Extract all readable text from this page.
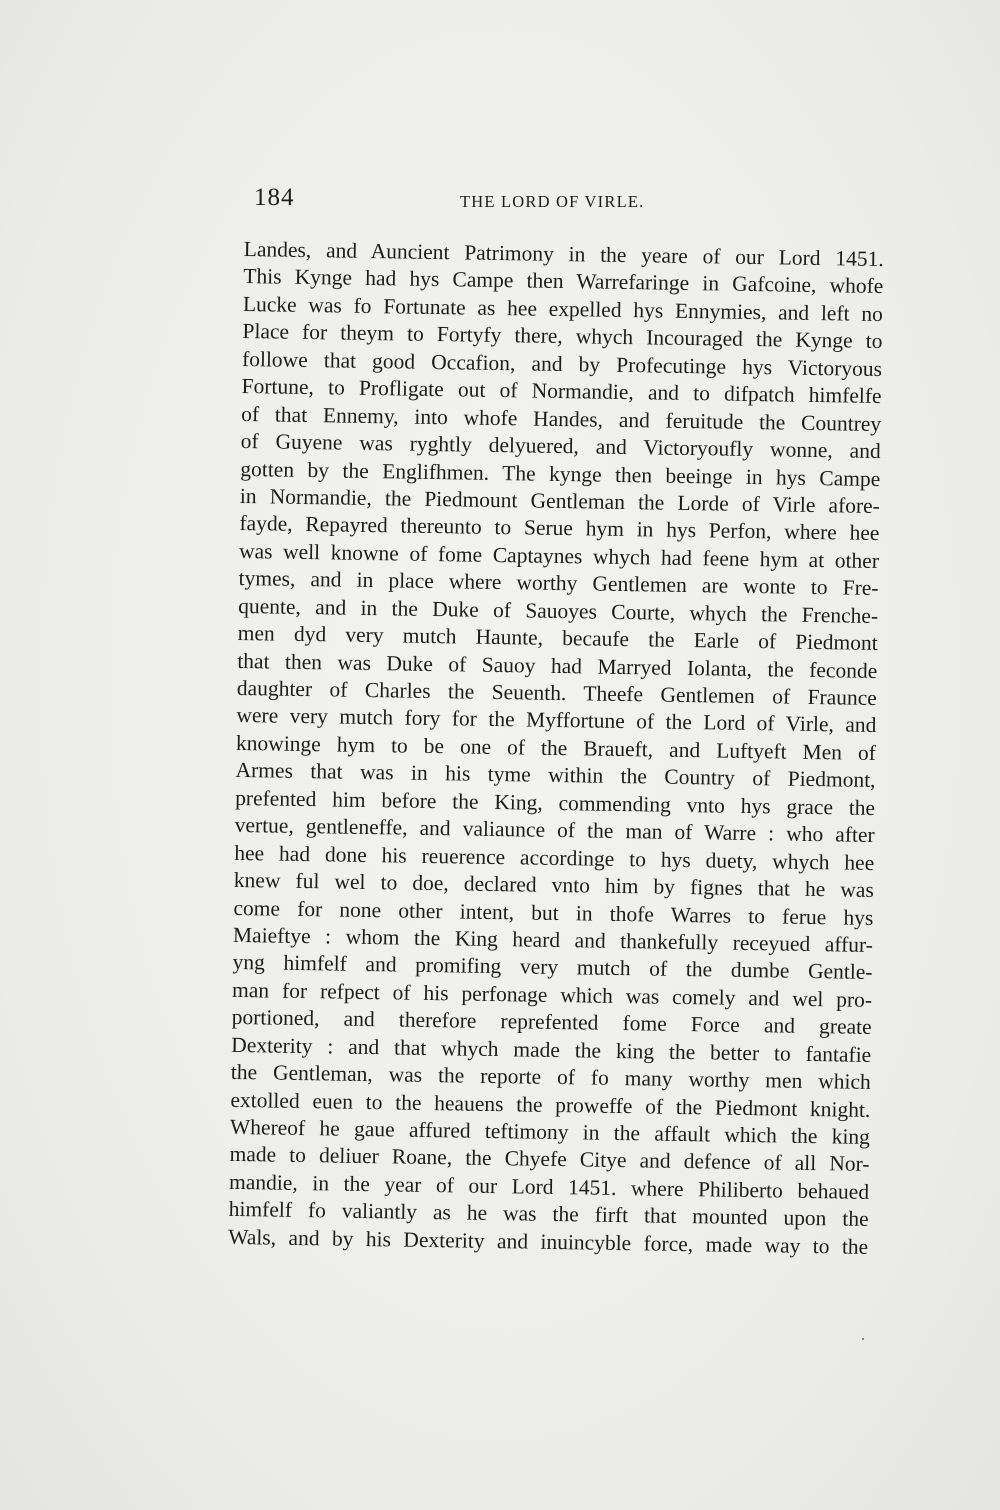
184	THE LORD OF VIRLE.
Landes, and Auncient Patrimony in the yeare of our Lord 1451.
This Kynge had hys Campe then Warrefaringe in Gafcoine, whofe
Lucke was fo Fortunate as hee expelled hys Ennymies, and left no
Place for theym to Fortyfy there, whych Incouraged the Kynge to
followe that good Occafion, and by Profecutinge hys Victoryous
Fortune, to Profligate out of Normandie, and to difpatch himfelfe
of that Ennemy, into whofe Handes, and feruitude the Countrey
of Guyene was ryghtly delyuered, and Victoryoufly wonne, and
gotten by the Englifhmen. The kynge then beeinge in hys Campe
in Normandie, the Piedmount Gentleman the Lorde of Virle afore-
fayde, Repayred thereunto to Serue hym in hys Perfon, where hee
was well knowne of fome Captaynes whych had feene hym at other
tymes, and in place where worthy Gentlemen are wonte to Fre-
quente, and in the Duke of Sauoyes Courte, whych the Frenche-
men dyd very mutch Haunte, becaufe the Earle of Piedmont
that then was Duke of Sauoy had Marryed Iolanta, the feconde
daughter of Charles the Seuenth. Theefe Gentlemen of Fraunce
were very mutch fory for the Myffortune of the Lord of Virle, and
knowinge hym to be one of the Braueft, and Luftyeft Men of
Armes that was in his tyme within the Country of Piedmont,
prefented him before the King, commending vnto hys grace the
vertue, gentleneffe, and valiaunce of the man of Warre : who after
hee had done his reuerence accordinge to hys duety, whych hee
knew ful wel to doe, declared vnto him by fignes that he was
come for none other intent, but in thofe Warres to ferue hys
Maieftye : whom the King heard and thankefully receyued affur-
yng himfelf and promifing very mutch of the dumbe Gentle-
man for refpect of his perfonage which was comely and wel pro-
portioned, and therefore reprefented fome Force and greate
Dexterity : and that whych made the king the better to fantafie
the Gentleman, was the reporte of fo many worthy men which
extolled euen to the heauens the proweffe of the Piedmont knight.
Whereof he gaue affured teftimony in the affault which the king
made to deliuer Roane, the Chyefe Citye and defence of all Nor-
mandie, in the year of our Lord 1451. where Philiberto behaued
himfelf fo valiantly as he was the firft that mounted upon the
Wals, and by his Dexterity and inuincyble force, made way to the
